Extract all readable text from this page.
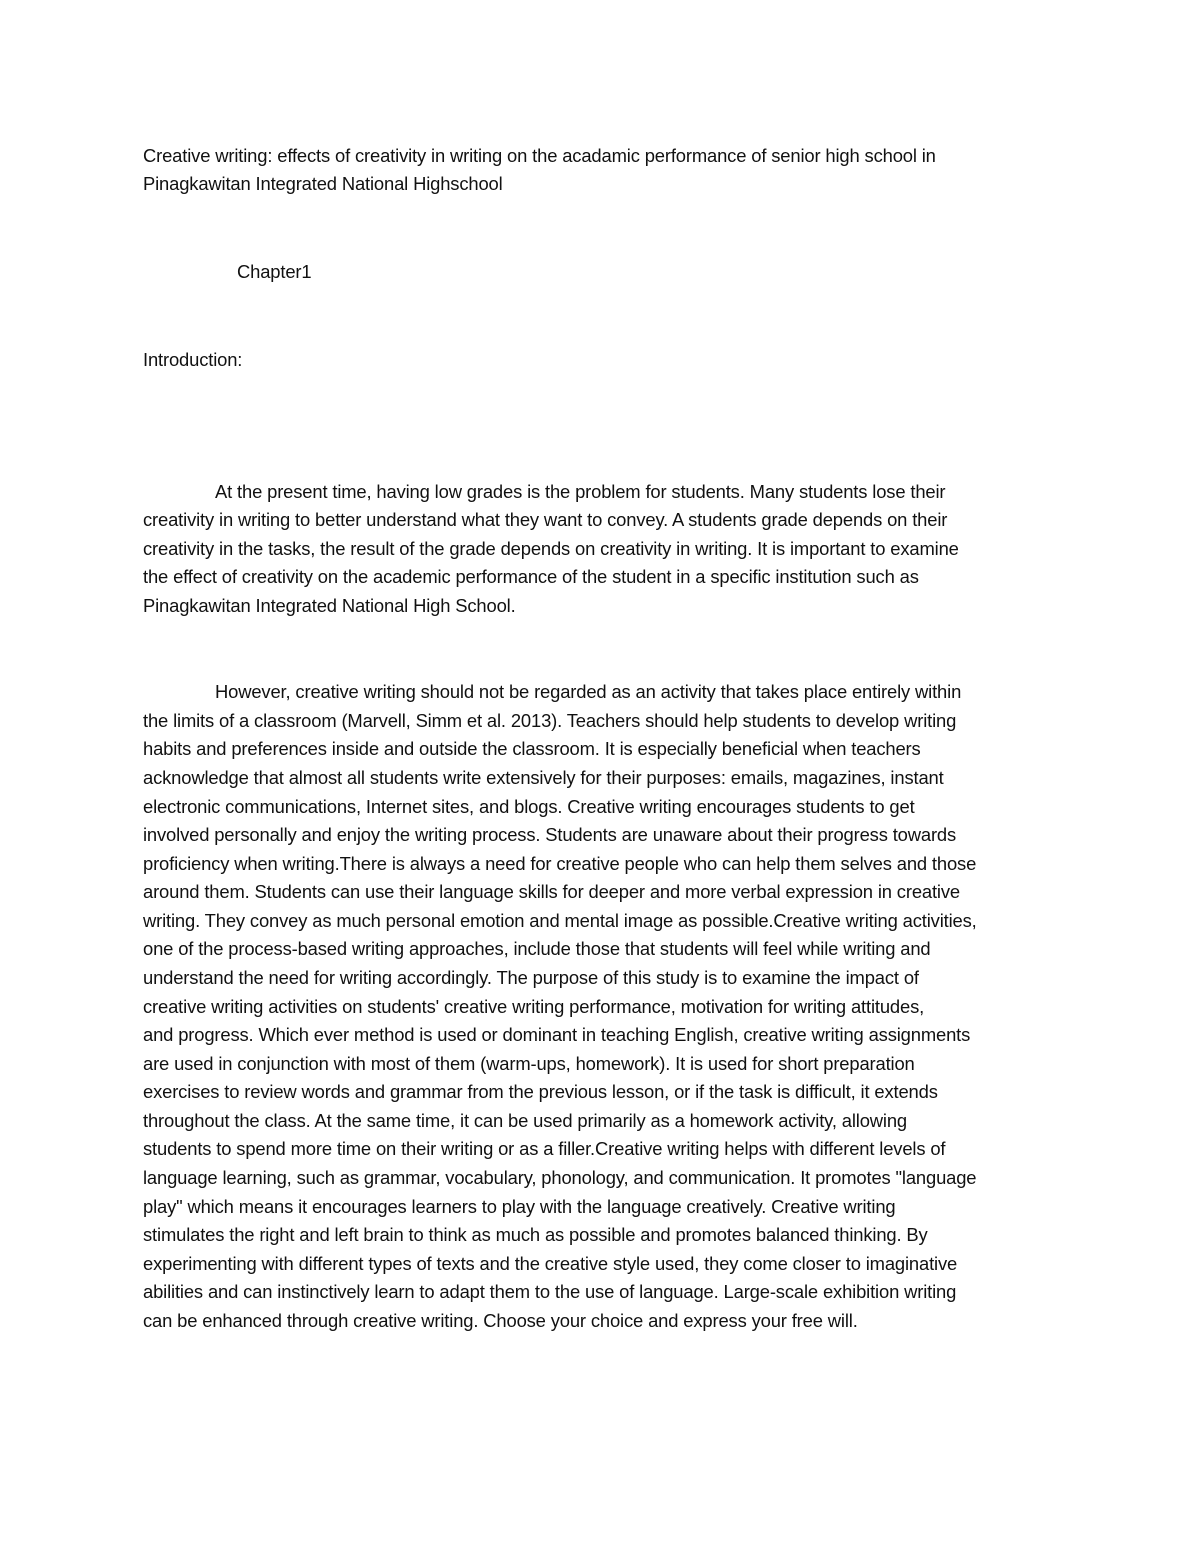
Creative writing: effects of creativity in writing on the acadamic performance of senior high school in

Pinagkawitan Integrated National Highschool

Chapter1

Introduction:

At the present time, having low grades is the problem for students. Many students lose their

creativity in writing to better understand what they want to convey. A students grade depends on their

creativity in the tasks, the result of the grade depends on creativity in writing. It is important to examine

the effect of creativity on the academic performance of the student in a specific institution such as

Pinagkawitan Integrated National High School.

However, creative writing should not be regarded as an activity that takes place entirely within

the limits of a classroom (Marvell, Simm et al. 2013). Teachers should help students to develop writing

habits and preferences inside and outside the classroom. It is especially beneficial when teachers

acknowledge that almost all students write extensively for their purposes: emails, magazines, instant

electronic communications, Internet sites, and blogs. Creative writing encourages students to get

involved personally and enjoy the writing process. Students are unaware about their progress towards

proficiency when writing.There is always a need for creative people who can help them selves and those

around them. Students can use their language skills for deeper and more verbal expression in creative

writing. They convey as much personal emotion and mental image as possible.Creative writing activities,

one of the process-based writing approaches, include those that students will feel while writing and

understand the need for writing accordingly. The purpose of this study is to examine the impact of

creative writing activities on students' creative writing performance, motivation for writing attitudes,

and progress. Which ever method is used or dominant in teaching English, creative writing assignments

are used in conjunction with most of them (warm-ups, homework). It is used for short preparation

exercises to review words and grammar from the previous lesson, or if the task is difficult, it extends

throughout the class. At the same time, it can be used primarily as a homework activity, allowing

students to spend more time on their writing or as a filler.Creative writing helps with different levels of

language learning, such as grammar, vocabulary, phonology, and communication. It promotes "language

play" which means it encourages learners to play with the language creatively. Creative writing

stimulates the right and left brain to think as much as possible and promotes balanced thinking. By

experimenting with different types of texts and the creative style used, they come closer to imaginative

abilities and can instinctively learn to adapt them to the use of language. Large-scale exhibition writing

can be enhanced through creative writing. Choose your choice and express your free will.
